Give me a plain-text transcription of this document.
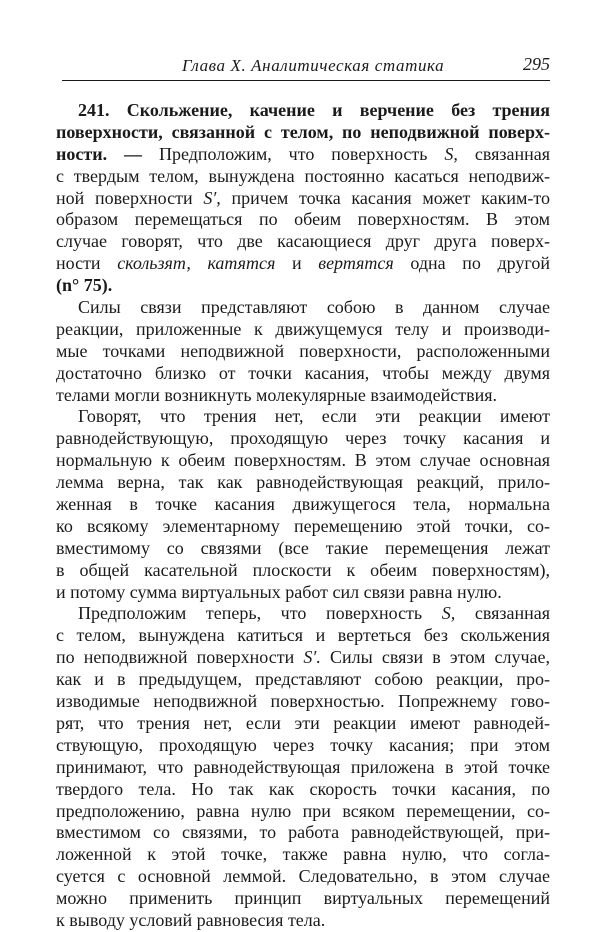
Глава X. Аналитическая статика	295
241. Скольжение, качение и верчение без трения
поверхности, связанной с телом, по неподвижной поверх-
ности. — Предположим, что поверхность S, связанная
с твердым телом, вынуждена постоянно касаться неподвиж-
ной поверхности S′, причем точка касания может каким-то
образом перемещаться по обеим поверхностям. В этом
случае говорят, что две касающиеся друг друга поверх-
ности скользят, катятся и вертятся одна по другой
(n° 75).
Силы связи представляют собою в данном случае
реакции, приложенные к движущемуся телу и производи-
мые точками неподвижной поверхности, расположенными
достаточно близко от точки касания, чтобы между двумя
телами могли возникнуть молекулярные взаимодействия.
Говорят, что трения нет, если эти реакции имеют
равнодействующую, проходящую через точку касания и
нормальную к обеим поверхностям. В этом случае основная
лемма верна, так как равнодействующая реакций, прило-
женная в точке касания движущегося тела, нормальна
ко всякому элементарному перемещению этой точки, со-
вместимому со связями (все такие перемещения лежат
в общей касательной плоскости к обеим поверхностям),
и потому сумма виртуальных работ сил связи равна нулю.
Предположим теперь, что поверхность S, связанная
с телом, вынуждена катиться и вертеться без скольжения
по неподвижной поверхности S′. Силы связи в этом случае,
как и в предыдущем, представляют собою реакции, про-
изводимые неподвижной поверхностью. Попрежнему гово-
рят, что трения нет, если эти реакции имеют равнодей-
ствующую, проходящую через точку касания; при этом
принимают, что равнодействующая приложена в этой точке
твердого тела. Но так как скорость точки касания, по
предположению, равна нулю при всяком перемещении, со-
вместимом со связями, то работа равнодействующей, при-
ложенной к этой точке, также равна нулю, что согла-
суется с основной леммой. Следовательно, в этом случае
можно применить принцип виртуальных перемещений
к выводу условий равновесия тела.
